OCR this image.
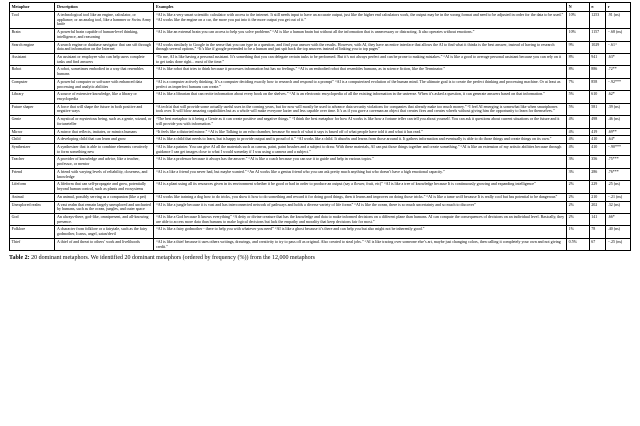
Metaphor	Description	Examples	N	π	r
Tool	A technological tool like an engine, calculator, or appliance; or an analog tool, like a hammer or Swiss Army knife	“AI is like a very smart scientific calculator with access to the internet. It still needs input to have an accurate output, just like the higher end calculators work, the output may be in the wrong format and need to be adjusted in order for the data to be used.” “AI works like the engine on a car, the more you put into it the more output you get out of it.”	10%	1253	.91 (ns)
Brain	A powerful brain capable of human-level thinking, intelligence, and reasoning	“AI is like an external brain you can access to help you solve problems” “AI is like a human brain but without all the information that is unnecessary or distracting. It also operates without emotions.”	10%	1157	−.68 (ns)
Search engine	A search engine or database navigator that can sift through data and information on the Internet	“AI works similarly to Google in the sense that you can type in a question, and find your answer with the results. However, with AI, they have an entire interface that allows the AI to find what it thinks is the best answer, instead of having to research through several options.” “It’s like if google pretended to be a human and just spit back the top answers instead of linking you to top pages”	9%	1029	−.61⁺
Assistant	An assistant or employee who can help users complete tasks and find answers	“To me, AI is like having a personal assistant. It’s something that you can delegate certain tasks to be performed. But it’s not always perfect and can be prone to making mistakes.” “AI is like a good to average personal assistant because you can rely on it to get tasks done right... most of the time.”	8%	941	.63*
Robot	A robot, sometimes embodied in a way that resembles humans	“AI is like robot that tries to think because it processes information but has no feelings.” “AI is an embodied robot that resembles humans, as in science fiction, like the Terminator.”	8%	886	.72**
Computer	A powerful computer or software with enhanced data processing and analytic abilities	“AI is a computer actively thinking. It’s a computer deciding exactly how to research and respond to a prompt” “AI is a computerized evolution of the human mind. The ultimate goal is to create the perfect thinking and processing machine. Or at least as perfect as imperfect humans can create.”	7%	858	−.92***
Library	A source of extensive knowledge, like a library or encyclopedia	“AI is like a librarian that can recite information about every book on the shelves.” “AI is an electronic encyclopedia of all the existing information in the universe. When it’s asked a question, it can generate answers based on that information.”	5%	610	.62*
Future shaper	A force that will shape the future in both positive and negative ways	“A tech/ai that will provide some actually useful uses in the coming years, but for now will mostly be used to advance data security violations for companies that already make too much money.” “I feel AI emerging is somewhat like when smartphones took over. It will blow amazing capabilities but as a whole will make everyone lazier and less capable over time. It’s as if you gave a caveman an object that creates fires and creates wheels without giving him the opportunity to learn for themselves.”	5%	581	.39 (ns)
Genie	A mystical or mysterious being, such as a genie, wizard, or fortuneteller	“The best metaphor is it being a Genie as it can create positive and negative things.” “I think the best metaphor for how AI works is like how a fortune teller can tell you about yourself. You can ask it questions about current situations or the future and it will provide you with information.”	4%	498	.46 (ns)
Mirror	A mirror that reflects, imitates, or mimics humans	“It feels like a distorted mirror.” “AI is like Talking to an echo chamber, because So much of what it says is based off of what people have told it and what it has read.”	4%	419	.69**
Child	A developing child that can learn and grow	“AI is like a child that needs to learn, but is happy to provide output and is proud of it.” “AI works like a child. It absorbs and learns from those around it. It gathers information and eventually is able to do those things and create things on its own.”	4%	410	.64*
Synthesizer	A synthesizer that is able to combine elements creatively to form something new	“AI is like a painter. You can give AI all the materials such as canvas, paint, paint brushes and a subject to draw. With these materials, AI can put those things together and create something.” “AI is like an extension of my artistic abilities because through guidance I can get images close to what I would someday if I was using a camera and a subject.”	4%	410	−.90***
Teacher	A provider of knowledge and advice, like a teacher, professor, or mentor	“AI is like a professor because it always has the answer.” “AI is like a coach because you can use it to guide and help in various topics.”	3%	356	.75***
Friend	A friend with varying levels of reliability, closeness, and knowledge	“AI is a like a friend you never had, but maybe wanted.” “An AI works like a genius friend who you can ask pretty much anything but who doesn’t have a high emotional capacity.”	3%	286	.76***
Lifeform	A lifeform that can self-propagate and grow, potentially beyond human control, such as plants and ecosystems	“AI is a plant using all its resources given in its environment whether it be good or bad in order to produce an output (say a flower, fruit, etc)” “AI is like a tree of knowledge because It is continuously growing and expanding intelligence”	2%	229	.25 (ns)
Animal	An animal, possibly serving as a companion (like a pet)	“AI works like training a dog how to do tricks, you show it how to do something and reward it for doing good things, then it learns and improves on doing those tricks.” “AI is like a tame wolf because It is really cool but has potential to be dangerous”	2%	210	−.21 (ns)
Unexplored realm	A vast realm that remain largely unexplored and uncharted by humans, such as the ocean, jungles, and outer space	“AI is like a jungle because it is vast and has interconnected network of pathways and holds a diverse variety of life forms” “AI is like the ocean, there is so much uncertainty and so much to discover”	2%	202	.32 (ns)
God	An always-there, god-like, omnipresent, and all-knowing presence.	“AI is like a God because It knows everything” “A deity or divine creature that has the knowledge and data to make informed decisions on a different plane than humans. AI can compute the consequences of decisions on an individual level. Basically, they are able to access more data than humans to make logical decisions but lack the empathy and morality that keep decisions fair for most.”	2%	141	.66*
Folklore	A character from folklore or a fairytale, such as the fairy godmother, Icarus, angel, satan/devil	“AI is like a fairy godmother - there to help you with whatever you need” “AI is like a ghost because it’s there and can help you but also might not be inherently good.”	1%	78	.40 (ns)
Thief	A thief of and threat to others’ work and livelihoods	“AI is like a thief because it uses others writings, drawings, and creativity to try to pass off as original. Also created to steal jobs.” “AI is like tracing over someone else’s art, maybe just changing colors, then calling it completely your own and not giving credit.”	0.5%	67	−.25 (ns)
Table 2: 20 dominant metaphors. We identified 20 dominant metaphors (ordered by frequency (%)) from the 12,000 metaphors
